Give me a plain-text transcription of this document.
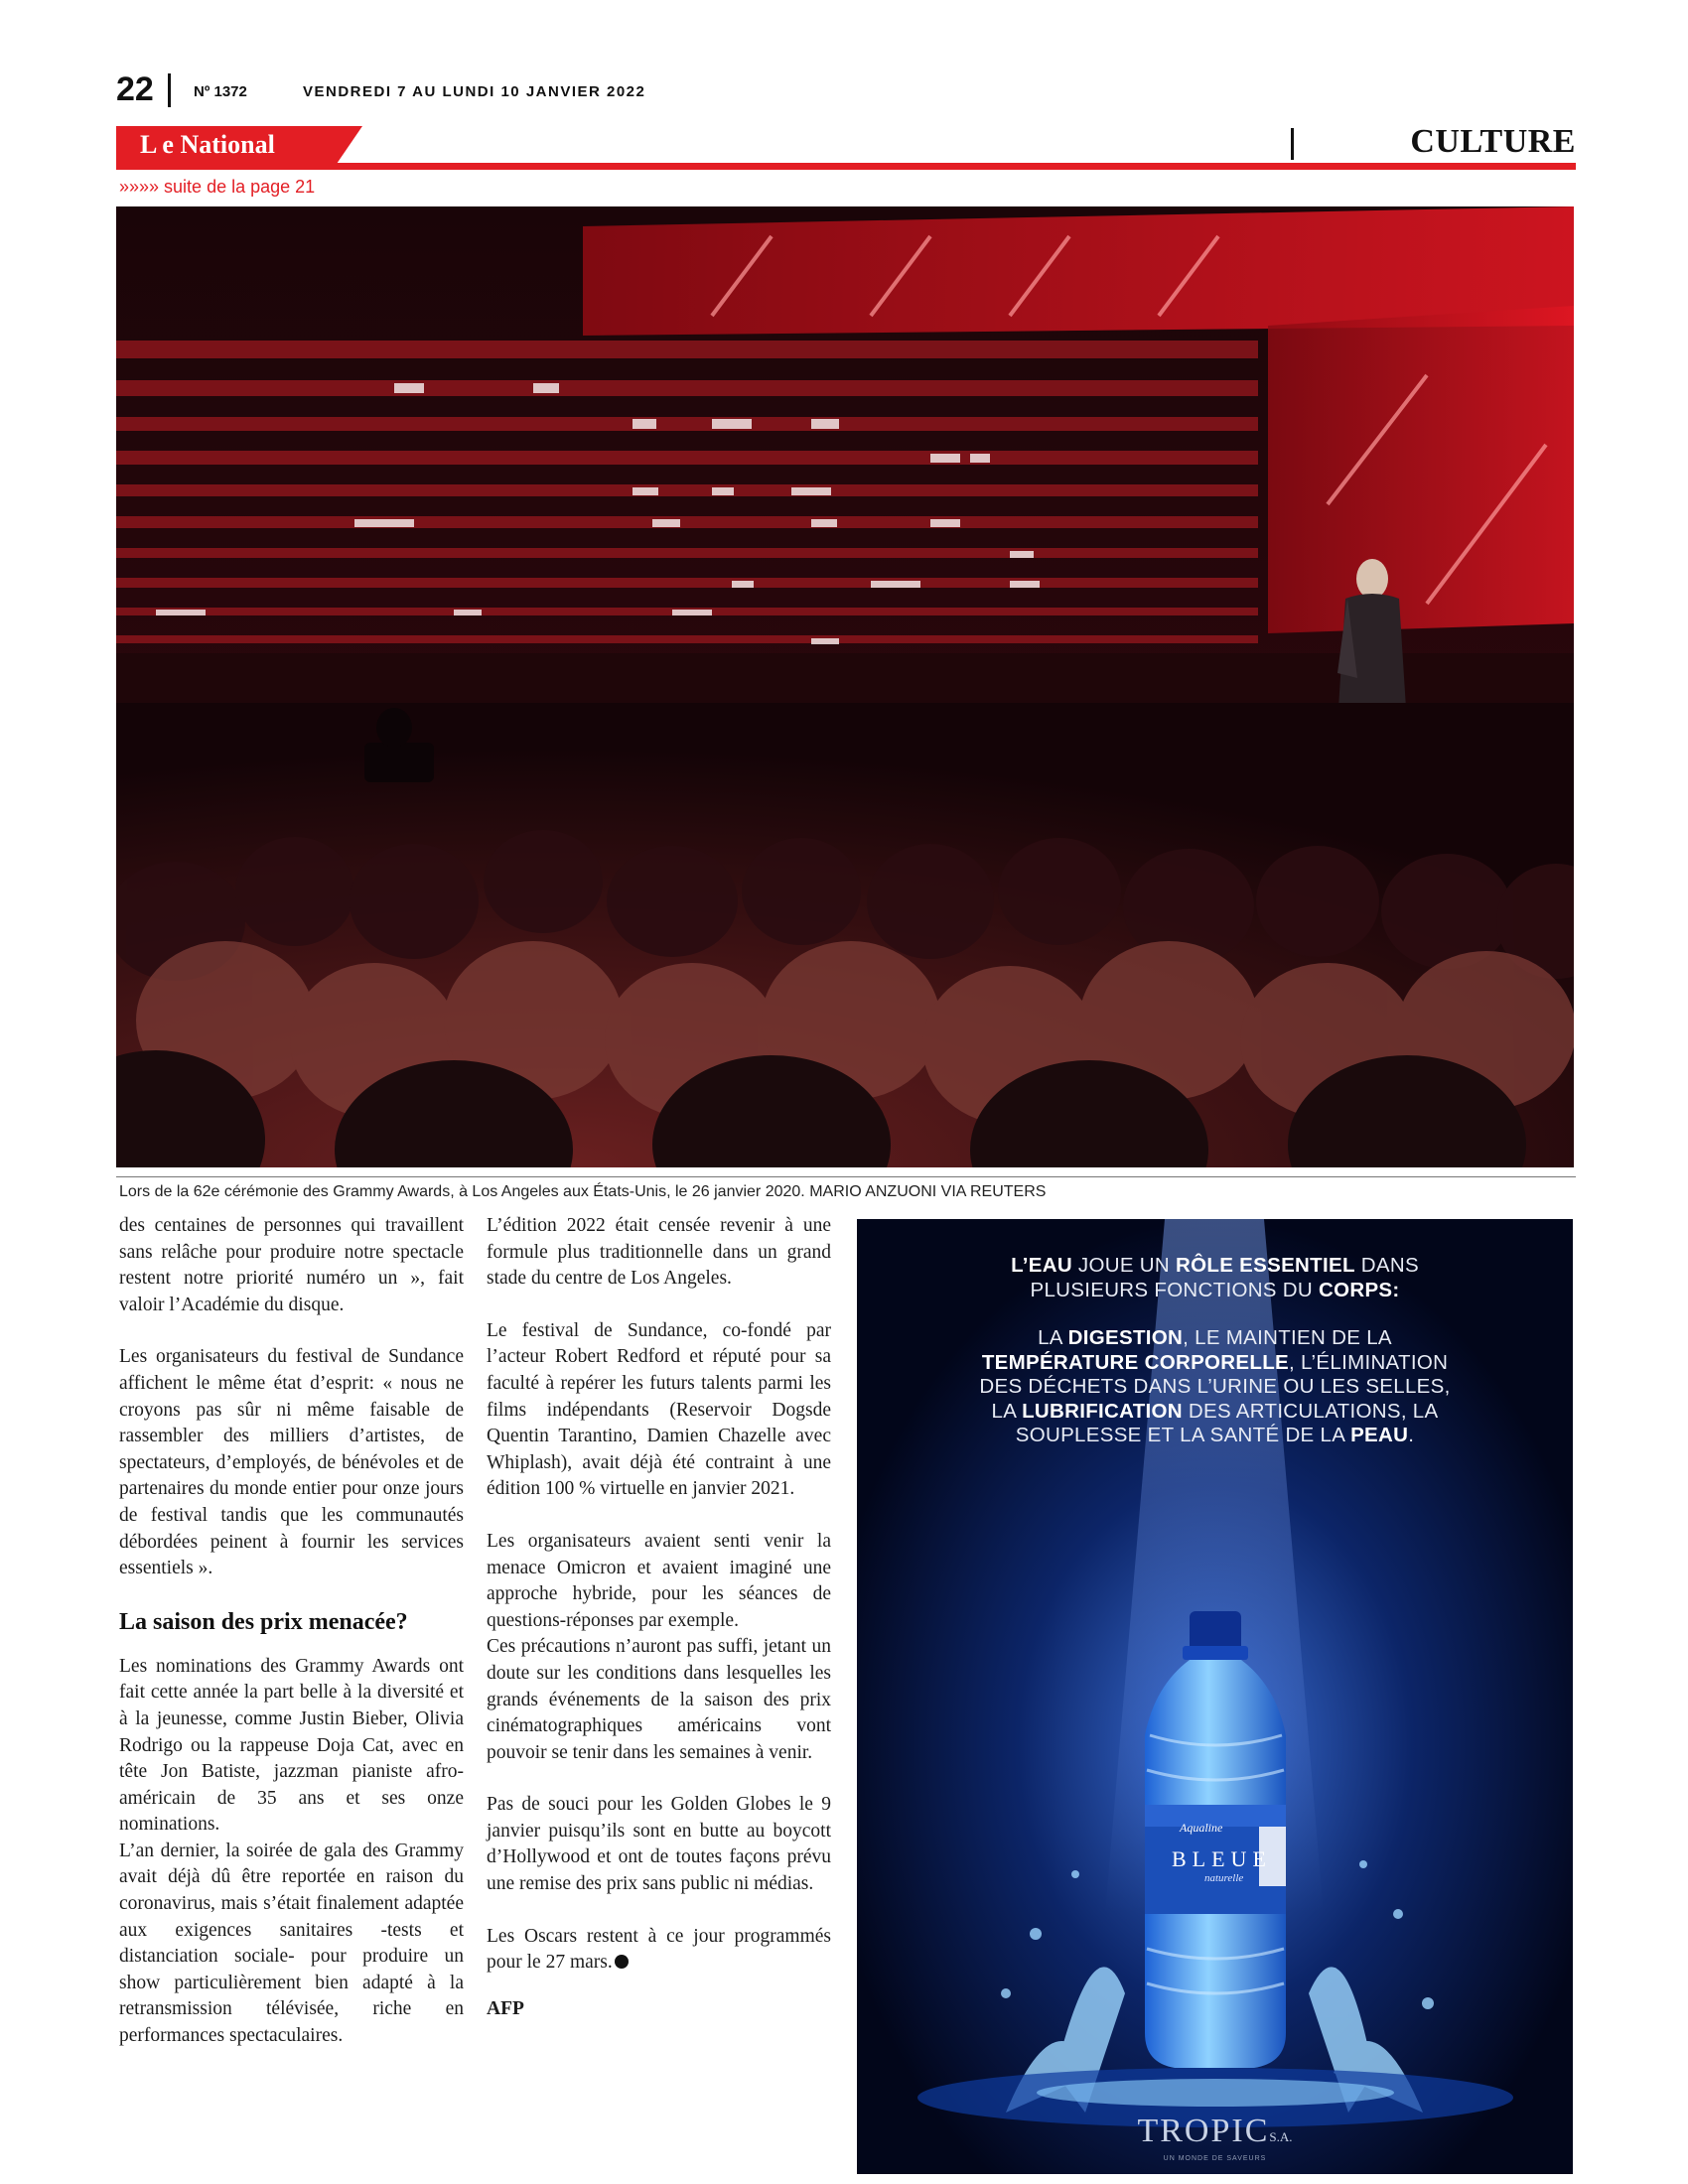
22	Nº 1372	VENDREDI 7 AU LUNDI 10 JANVIER 2022
L e National	CULTURE
»»»» suite de la page 21
Lors de la 62e cérémonie des Grammy Awards, à Los Angeles aux États-Unis, le 26 janvier 2020. MARIO ANZUONI VIA REUTERS

des centaines de personnes qui travaillent sans relâche pour produire notre spectacle restent notre priorité numéro un », fait valoir l’Académie du disque.

Les organisateurs du festival de Sundance affichent le même état d’esprit: « nous ne croyons pas sûr ni même faisable de rassembler des milliers d’artistes, de spectateurs, d’employés, de bénévoles et de partenaires du monde entier pour onze jours de festival tandis que les communautés débordées peinent à fournir les services essentiels ».

La saison des prix menacée?

Les nominations des Grammy Awards ont fait cette année la part belle à la diversité et à la jeunesse, comme Justin Bieber, Olivia Rodrigo ou la rappeuse Doja Cat, avec en tête Jon Batiste, jazzman pianiste afro-américain de 35 ans et ses onze nominations.

L’an dernier, la soirée de gala des Grammy avait déjà dû être reportée en raison du coronavirus, mais s’était finalement adaptée aux exigences sanitaires -tests et distanciation sociale- pour produire un show particulièrement bien adapté à la retransmission télévisée, riche en performances spectaculaires.

L’édition 2022 était censée revenir à une formule plus traditionnelle dans un grand stade du centre de Los Angeles.

Le festival de Sundance, co-fondé par l’acteur Robert Redford et réputé pour sa faculté à repérer les futurs talents parmi les films indépendants (Reservoir Dogsde Quentin Tarantino, Damien Chazelle avec Whiplash), avait déjà été contraint à une édition 100 % virtuelle en janvier 2021.

Les organisateurs avaient senti venir la menace Omicron et avaient imaginé une approche hybride, pour les séances de questions-réponses par exemple.

Ces précautions n’auront pas suffi, jetant un doute sur les conditions dans lesquelles les grands événements de la saison des prix cinématographiques américains vont pouvoir se tenir dans les semaines à venir.

Pas de souci pour les Golden Globes le 9 janvier puisqu’ils sont en butte au boycott d’Hollywood et ont de toutes façons prévu une remise des prix sans public ni médias.

Les Oscars restent à ce jour programmés pour le 27 mars.

AFP
L’EAU JOUE UN RÔLE ESSENTIEL DANS
PLUSIEURS FONCTIONS DU CORPS:
LA DIGESTION, LE MAINTIEN DE LA
TEMPÉRATURE CORPORELLE, L’ÉLIMINATION
DES DÉCHETS DANS L’URINE OU LES SELLES,
LA LUBRIFICATION DES ARTICULATIONS, LA
SOUPLESSE ET LA SANTÉ DE LA PEAU.
Aqualine
BLEUE
naturelle
TROPICS.A.
UN MONDE DE SAVEURS
